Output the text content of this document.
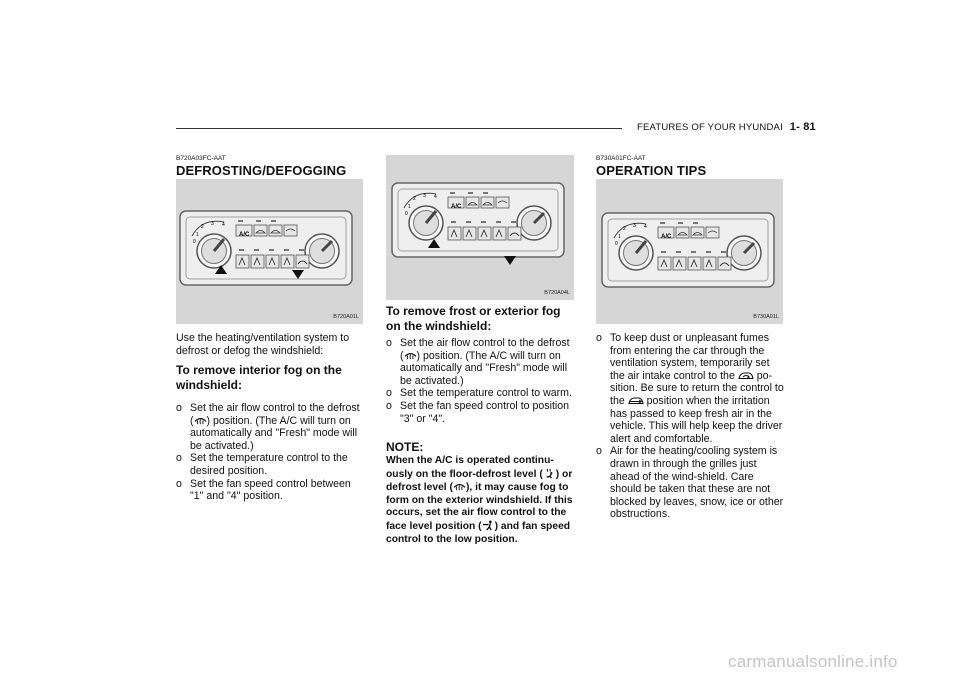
FEATURES OF YOUR HYUNDAI 1- 81
B720A03FC-AAT
DEFROSTING/DEFOGGING
A/C
1
2 3 4
0
B720A01L
Use the heating/ventilation system to defrost or defog the windshield:
To remove interior fog on the windshield:
o Set the air flow control to the defrost ( ) position. (The A/C will turn on automatically and "Fresh" mode will be activated.)
o Set the temperature control to the desired position.
o Set the fan speed control between "1" and "4" position.
A/C
1
2 3 4
0
B720A04L
To remove frost or exterior fog on the windshield:
o Set the air flow control to the defrost ( ) position. (The A/C will turn on automatically and "Fresh" mode will be activated.)
o Set the temperature control to warm.
o Set the fan speed control to position "3" or "4".
NOTE:
When the A/C is operated continu-ously on the floor-defrost level ( ) or defrost level ( ), it may cause fog to form on the exterior windshield. If this occurs, set the air flow control to the face level position ( ) and fan speed control to the low position.
B730A01FC-AAT
OPERATION TIPS
A/C
1
2 3 4
0
B730A01L
o To keep dust or unpleasant fumes from entering the car through the ventilation system, temporarily set the air intake control to the
po-sition. Be sure to return the control to the
position when the irritation has passed to keep fresh air in the vehicle. This will help keep the driver alert and comfortable.
o Air for the heating/cooling system is drawn in through the grilles just ahead of the wind-shield. Care should be taken that these are not blocked by leaves, snow, ice or other obstructions.
carmanualsonline.info
